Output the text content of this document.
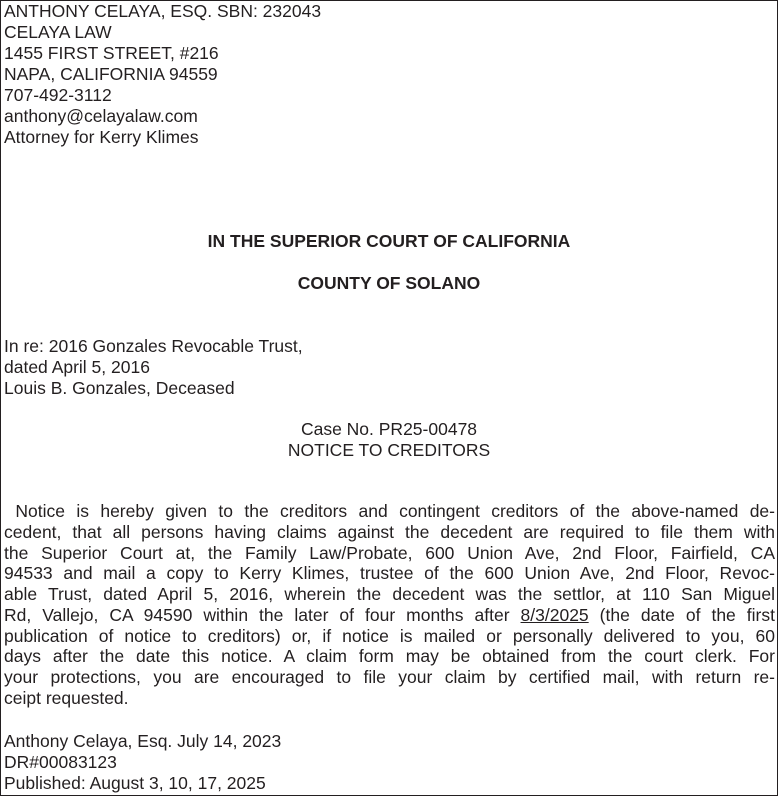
ANTHONY CELAYA, ESQ. SBN: 232043
CELAYA LAW
1455 FIRST STREET, #216
NAPA, CALIFORNIA 94559
707-492-3112
anthony@celayalaw.com
Attorney for Kerry Klimes
IN THE SUPERIOR COURT OF CALIFORNIA
COUNTY OF SOLANO
In re: 2016 Gonzales Revocable Trust,
dated April 5, 2016
Louis B. Gonzales, Deceased
Case No. PR25-00478
NOTICE TO CREDITORS
Notice is hereby given to the creditors and contingent creditors of the above-named de-
cedent, that all persons having claims against the decedent are required to file them with
the Superior Court at, the Family Law/Probate, 600 Union Ave, 2nd Floor, Fairfield, CA
94533 and mail a copy to Kerry Klimes, trustee of the 600 Union Ave, 2nd Floor, Revoc-
able Trust, dated April 5, 2016, wherein the decedent was the settlor, at 110 San Miguel
Rd, Vallejo, CA 94590 within the later of four months after 8/3/2025 (the date of the first
publication of notice to creditors) or, if notice is mailed or personally delivered to you, 60
days after the date this notice. A claim form may be obtained from the court clerk. For
your protections, you are encouraged to file your claim by certified mail, with return re-
ceipt requested.
Anthony Celaya, Esq. July 14, 2023
DR#00083123
Published: August 3, 10, 17, 2025
